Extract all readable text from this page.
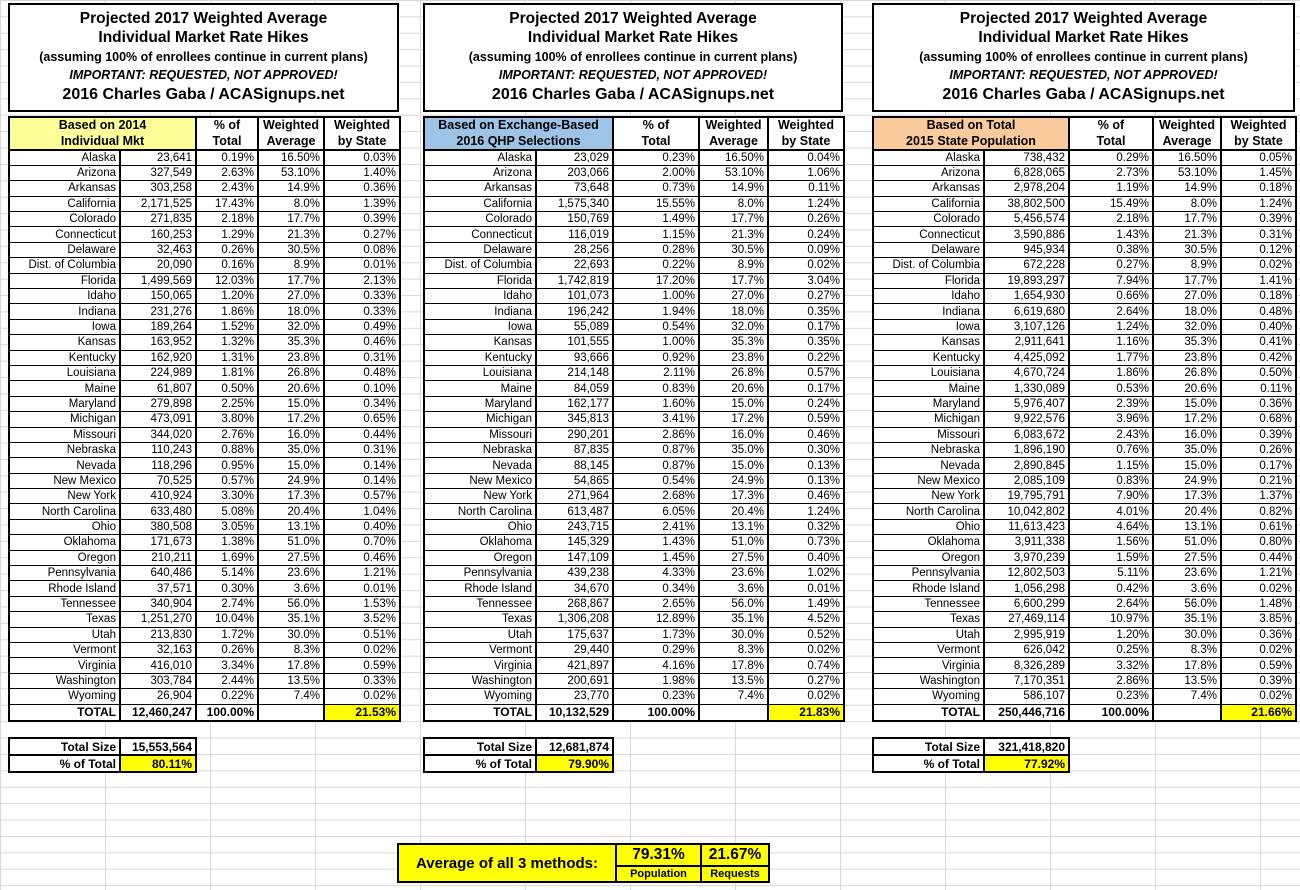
Projected 2017 Weighted Average
Individual Market Rate Hikes
(assuming 100% of enrollees continue in current plans)
IMPORTANT: REQUESTED, NOT APPROVED!
2016 Charles Gaba / ACASignups.net
Based on 2014
Individual Mkt

% of
Total

Weighted
Average

Weighted
by State

Alaska	23,641	0.19%	16.50%	0.03%
Arizona	327,549	2.63%	53.10%	1.40%
Arkansas	303,258	2.43%	14.9%	0.36%
California	2,171,525	17.43%	8.0%	1.39%
Colorado	271,835	2.18%	17.7%	0.39%
Connecticut	160,253	1.29%	21.3%	0.27%
Delaware	32,463	0.26%	30.5%	0.08%
Dist. of Columbia	20,090	0.16%	8.9%	0.01%
Florida	1,499,569	12.03%	17.7%	2.13%
Idaho	150,065	1.20%	27.0%	0.33%
Indiana	231,276	1.86%	18.0%	0.33%
Iowa	189,264	1.52%	32.0%	0.49%
Kansas	163,952	1.32%	35.3%	0.46%
Kentucky	162,920	1.31%	23.8%	0.31%
Louisiana	224,989	1.81%	26.8%	0.48%
Maine	61,807	0.50%	20.6%	0.10%
Maryland	279,898	2.25%	15.0%	0.34%
Michigan	473,091	3.80%	17.2%	0.65%
Missouri	344,020	2.76%	16.0%	0.44%
Nebraska	110,243	0.88%	35.0%	0.31%
Nevada	118,296	0.95%	15.0%	0.14%
New Mexico	70,525	0.57%	24.9%	0.14%
New York	410,924	3.30%	17.3%	0.57%
North Carolina	633,480	5.08%	20.4%	1.04%
Ohio	380,508	3.05%	13.1%	0.40%
Oklahoma	171,673	1.38%	51.0%	0.70%
Oregon	210,211	1.69%	27.5%	0.46%
Pennsylvania	640,486	5.14%	23.6%	1.21%
Rhode Island	37,571	0.30%	3.6%	0.01%
Tennessee	340,904	2.74%	56.0%	1.53%
Texas	1,251,270	10.04%	35.1%	3.52%
Utah	213,830	1.72%	30.0%	0.51%
Vermont	32,163	0.26%	8.3%	0.02%
Virginia	416,010	3.34%	17.8%	0.59%
Washington	303,784	2.44%	13.5%	0.33%
Wyoming	26,904	0.22%	7.4%	0.02%
TOTAL	12,460,247	100.00%		21.53%
Total Size	15,553,564
% of Total	80.11%
Projected 2017 Weighted Average
Individual Market Rate Hikes
(assuming 100% of enrollees continue in current plans)
IMPORTANT: REQUESTED, NOT APPROVED!
2016 Charles Gaba / ACASignups.net
Based on Exchange-Based
2016 QHP Selections

% of
Total

Weighted
Average

Weighted
by State

Alaska	23,029	0.23%	16.50%	0.04%
Arizona	203,066	2.00%	53.10%	1.06%
Arkansas	73,648	0.73%	14.9%	0.11%
California	1,575,340	15.55%	8.0%	1.24%
Colorado	150,769	1.49%	17.7%	0.26%
Connecticut	116,019	1.15%	21.3%	0.24%
Delaware	28,256	0.28%	30.5%	0.09%
Dist. of Columbia	22,693	0.22%	8.9%	0.02%
Florida	1,742,819	17.20%	17.7%	3.04%
Idaho	101,073	1.00%	27.0%	0.27%
Indiana	196,242	1.94%	18.0%	0.35%
Iowa	55,089	0.54%	32.0%	0.17%
Kansas	101,555	1.00%	35.3%	0.35%
Kentucky	93,666	0.92%	23.8%	0.22%
Louisiana	214,148	2.11%	26.8%	0.57%
Maine	84,059	0.83%	20.6%	0.17%
Maryland	162,177	1.60%	15.0%	0.24%
Michigan	345,813	3.41%	17.2%	0.59%
Missouri	290,201	2.86%	16.0%	0.46%
Nebraska	87,835	0.87%	35.0%	0.30%
Nevada	88,145	0.87%	15.0%	0.13%
New Mexico	54,865	0.54%	24.9%	0.13%
New York	271,964	2.68%	17.3%	0.46%
North Carolina	613,487	6.05%	20.4%	1.24%
Ohio	243,715	2.41%	13.1%	0.32%
Oklahoma	145,329	1.43%	51.0%	0.73%
Oregon	147,109	1.45%	27.5%	0.40%
Pennsylvania	439,238	4.33%	23.6%	1.02%
Rhode Island	34,670	0.34%	3.6%	0.01%
Tennessee	268,867	2.65%	56.0%	1.49%
Texas	1,306,208	12.89%	35.1%	4.52%
Utah	175,637	1.73%	30.0%	0.52%
Vermont	29,440	0.29%	8.3%	0.02%
Virginia	421,897	4.16%	17.8%	0.74%
Washington	200,691	1.98%	13.5%	0.27%
Wyoming	23,770	0.23%	7.4%	0.02%
TOTAL	10,132,529	100.00%		21.83%
Total Size	12,681,874
% of Total	79.90%
Projected 2017 Weighted Average
Individual Market Rate Hikes
(assuming 100% of enrollees continue in current plans)
IMPORTANT: REQUESTED, NOT APPROVED!
2016 Charles Gaba / ACASignups.net
Based on Total
2015 State Population

% of
Total

Weighted
Average

Weighted
by State

Alaska	738,432	0.29%	16.50%	0.05%
Arizona	6,828,065	2.73%	53.10%	1.45%
Arkansas	2,978,204	1.19%	14.9%	0.18%
California	38,802,500	15.49%	8.0%	1.24%
Colorado	5,456,574	2.18%	17.7%	0.39%
Connecticut	3,590,886	1.43%	21.3%	0.31%
Delaware	945,934	0.38%	30.5%	0.12%
Dist. of Columbia	672,228	0.27%	8.9%	0.02%
Florida	19,893,297	7.94%	17.7%	1.41%
Idaho	1,654,930	0.66%	27.0%	0.18%
Indiana	6,619,680	2.64%	18.0%	0.48%
Iowa	3,107,126	1.24%	32.0%	0.40%
Kansas	2,911,641	1.16%	35.3%	0.41%
Kentucky	4,425,092	1.77%	23.8%	0.42%
Louisiana	4,670,724	1.86%	26.8%	0.50%
Maine	1,330,089	0.53%	20.6%	0.11%
Maryland	5,976,407	2.39%	15.0%	0.36%
Michigan	9,922,576	3.96%	17.2%	0.68%
Missouri	6,083,672	2.43%	16.0%	0.39%
Nebraska	1,896,190	0.76%	35.0%	0.26%
Nevada	2,890,845	1.15%	15.0%	0.17%
New Mexico	2,085,109	0.83%	24.9%	0.21%
New York	19,795,791	7.90%	17.3%	1.37%
North Carolina	10,042,802	4.01%	20.4%	0.82%
Ohio	11,613,423	4.64%	13.1%	0.61%
Oklahoma	3,911,338	1.56%	51.0%	0.80%
Oregon	3,970,239	1.59%	27.5%	0.44%
Pennsylvania	12,802,503	5.11%	23.6%	1.21%
Rhode Island	1,056,298	0.42%	3.6%	0.02%
Tennessee	6,600,299	2.64%	56.0%	1.48%
Texas	27,469,114	10.97%	35.1%	3.85%
Utah	2,995,919	1.20%	30.0%	0.36%
Vermont	626,042	0.25%	8.3%	0.02%
Virginia	8,326,289	3.32%	17.8%	0.59%
Washington	7,170,351	2.86%	13.5%	0.39%
Wyoming	586,107	0.23%	7.4%	0.02%
TOTAL	250,446,716	100.00%		21.66%
Total Size	321,418,820
% of Total	77.92%
Average of all 3 methods:	79.31%	21.67%
	Population	Requests
